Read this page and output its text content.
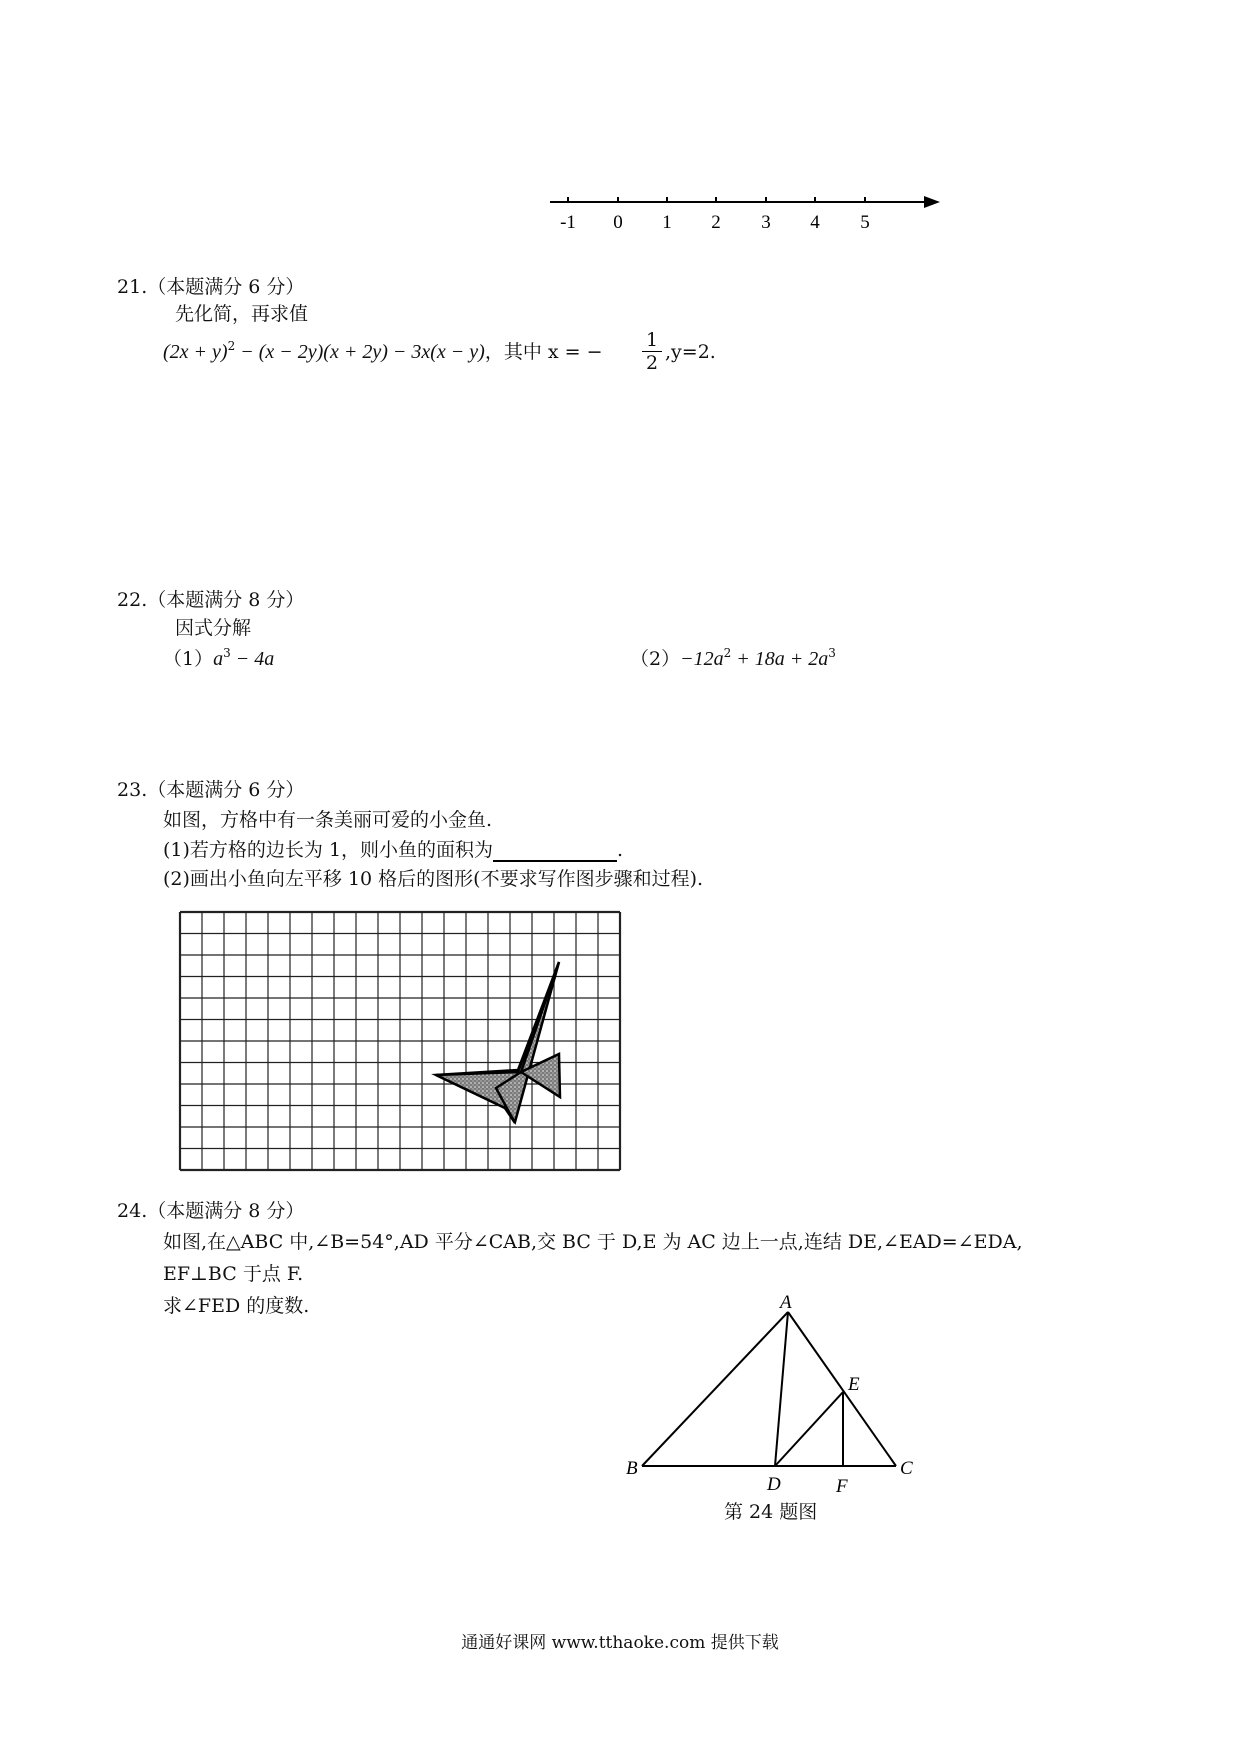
-1 0 1 2 3 4 5
21.（本题满分 6 分）
先化简，再求值
$(2x + y)^2 - (x - 2y)(x + 2y) - 3x(x - y)$，其中 x = −
1
2 ,y=2.
22.（本题满分 8 分）
因式分解
$(1)a^3 - 4a$	$(2)-12a^2 + 18a + 2a^3$
23.（本题满分 6 分）
如图，方格中有一条美丽可爱的小金鱼.
(1)若方格的边长为 1，则小鱼的面积为	.
(2)画出小鱼向左平移 10 格后的图形(不要求写作图步骤和过程).
24.（本题满分 8 分）
如图,在△ABC 中,∠B=54°,AD 平分∠CAB,交 BC 于 D,E 为 AC 边上一点,连结 DE,∠EAD=∠EDA,
EF⊥BC 于点 F.
求∠FED 的度数.	A
B	C
D
E
F
第 24 题图
通通好课网 www.tthaoke.com 提供下载
